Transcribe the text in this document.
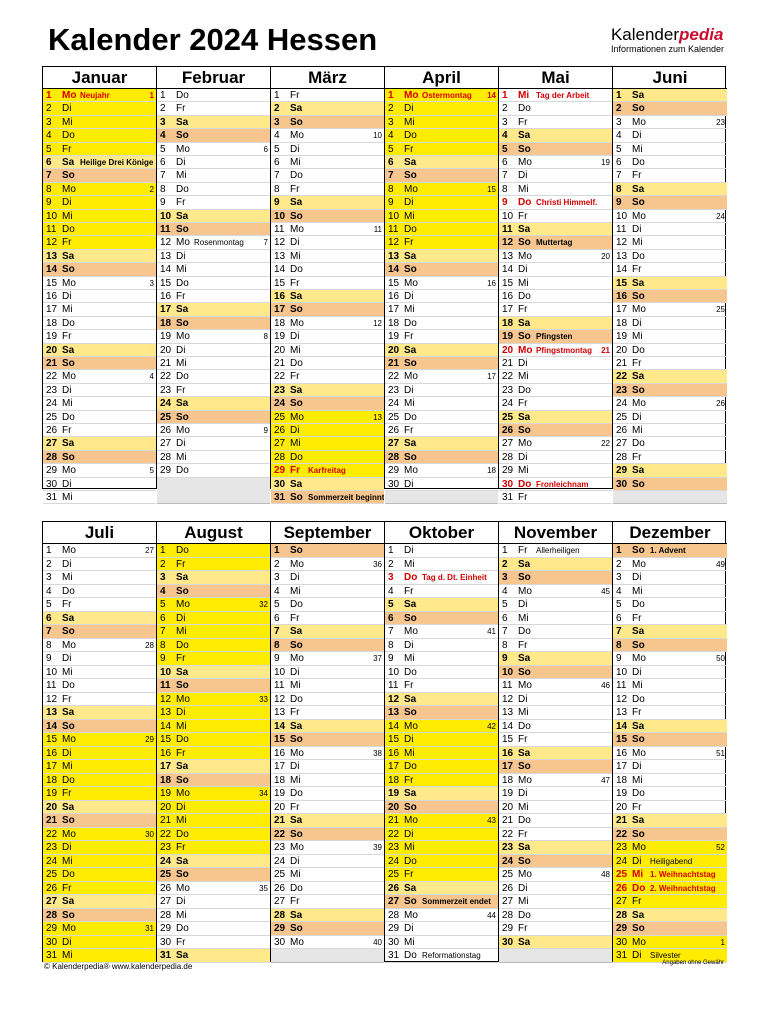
Kalender 2024 Hessen	Kalenderpedia
Informationen zum Kalender
Januar
1	Mo Neujahr	1
2	Di
3	Mi
4	Do
5	Fr
6	Sa Heilige Drei Könige
7	So
8	Mo	2
9	Di
10 Mi
11 Do
12 Fr
13 Sa
14 So
15 Mo	3
16 Di
17 Mi
18 Do
19 Fr
20 Sa
21 So
22 Mo	4
23 Di
24 Mi
25 Do
26 Fr
27 Sa
28 So
29 Mo	5
30 Di
31 Mi
Februar
1	Do
2	Fr
3	Sa
4	So
5	Mo	6
6	Di
7	Mi
8	Do
9	Fr
10 Sa
11 So
12 Mo Rosenmontag 7
13 Di
14 Mi
15 Do
16 Fr
17 Sa
18 So
19 Mo	8
20 Di
21 Mi
22 Do
23 Fr
24 Sa
25 So
26 Mo	9
27 Di
28 Mi
29 Do
März
1	Fr
2	Sa
3	So
4	Mo	10
5	Di
6	Mi
7	Do
8	Fr
9	Sa
10 So
11 Mo	11
12 Di
13 Mi
14 Do
15 Fr
16 Sa
17 So
18 Mo	12
19 Di
20 Mi
21 Do
22 Fr
23 Sa
24 So
25 Mo	13
26 Di
27 Mi
28 Do
29 Fr Karfreitag
30 Sa
31 So Sommerzeit beginnt
April
1	Mo Ostermontag 14
2	Di
3	Mi
4	Do
5	Fr
6	Sa
7	So
8	Mo	15
9	Di
10 Mi
11 Do
12 Fr
13 Sa
14 So
15 Mo	16
16 Di
17 Mi
18 Do
19 Fr
20 Sa
21 So
22 Mo	17
23 Di
24 Mi
25 Do
26 Fr
27 Sa
28 So
29 Mo	18
30 Di
Mai
1	Mi Tag der Arbeit
2	Do
3	Fr
4	Sa
5	So
6	Mo	19
7	Di
8	Mi
9	Do Christi Himmelf.
10 Fr
11 Sa
12 So Muttertag
13 Mo	20
14 Di
15 Mi
16 Do
17 Fr
18 Sa
19 So Pfingsten
20 Mo Pfingstmontag 21
21 Di
22 Mi
23 Do
24 Fr
25 Sa
26 So
27 Mo	22
28 Di
29 Mi
30 Do Fronleichnam
31 Fr
Juni
1	Sa
2	So
3	Mo	23
4	Di
5	Mi
6	Do
7	Fr
8	Sa
9	So
10 Mo	24
11 Di
12 Mi
13 Do
14 Fr
15 Sa
16 So
17 Mo	25
18 Di
19 Mi
20 Do
21 Fr
22 Sa
23 So
24 Mo	26
25 Di
26 Mi
27 Do
28 Fr
29 Sa
30 So
Juli
1	Mo	27
2	Di
3	Mi
4	Do
5	Fr
6	Sa
7	So
8	Mo	28
9	Di
10 Mi
11 Do
12 Fr
13 Sa
14 So
15 Mo	29
16 Di
17 Mi
18 Do
19 Fr
20 Sa
21 So
22 Mo	30
23 Di
24 Mi
25 Do
26 Fr
27 Sa
28 So
29 Mo	31
30 Di
31 Mi
August
1	Do
2	Fr
3	Sa
4	So
5	Mo	32
6	Di
7	Mi
8	Do
9	Fr
10 Sa
11 So
12 Mo	33
13 Di
14 Mi
15 Do
16 Fr
17 Sa
18 So
19 Mo	34
20 Di
21 Mi
22 Do
23 Fr
24 Sa
25 So
26 Mo	35
27 Di
28 Mi
29 Do
30 Fr
31 Sa
September
1	So
2	Mo	36
3	Di
4	Mi
5	Do
6	Fr
7	Sa
8	So
9	Mo	37
10 Di
11 Mi
12 Do
13 Fr
14 Sa
15 So
16 Mo	38
17 Di
18 Mi
19 Do
20 Fr
21 Sa
22 So
23 Mo	39
24 Di
25 Mi
26 Do
27 Fr
28 Sa
29 So
30 Mo	40
Oktober
1	Di
2	Mi
3	Do Tag d. Dt. Einheit
4	Fr
5	Sa
6	So
7	Mo	41
8	Di
9	Mi
10 Do
11 Fr
12 Sa
13 So
14 Mo	42
15 Di
16 Mi
17 Do
18 Fr
19 Sa
20 So
21 Mo	43
22 Di
23 Mi
24 Do
25 Fr
26 Sa
27 So Sommerzeit endet
28 Mo	44
29 Di
30 Mi
31 Do Reformationstag
November
1	Fr Allerheiligen
2	Sa
3	So
4	Mo	45
5	Di
6	Mi
7	Do
8	Fr
9	Sa
10 So
11 Mo	46
12 Di
13 Mi
14 Do
15 Fr
16 Sa
17 So
18 Mo	47
19 Di
20 Mi
21 Do
22 Fr
23 Sa
24 So
25 Mo	48
26 Di
27 Mi
28 Do
29 Fr
30 Sa
Dezember
1	So 1. Advent
2	Mo	49
3	Di
4	Mi
5	Do
6	Fr
7	Sa
8	So
9	Mo	50
10 Di
11 Mi
12 Do
13 Fr
14 Sa
15 So
16 Mo	51
17 Di
18 Mi
19 Do
20 Fr
21 Sa
22 So
23 Mo	52
24 Di Heiligabend
25 Mi 1. Weihnachtstag
26 Do 2. Weihnachtstag
27 Fr
28 Sa
29 So
30 Mo	1
31 Di Silvester
© Kalenderpedia® www.kalenderpedia.de	Angaben ohne Gewähr
